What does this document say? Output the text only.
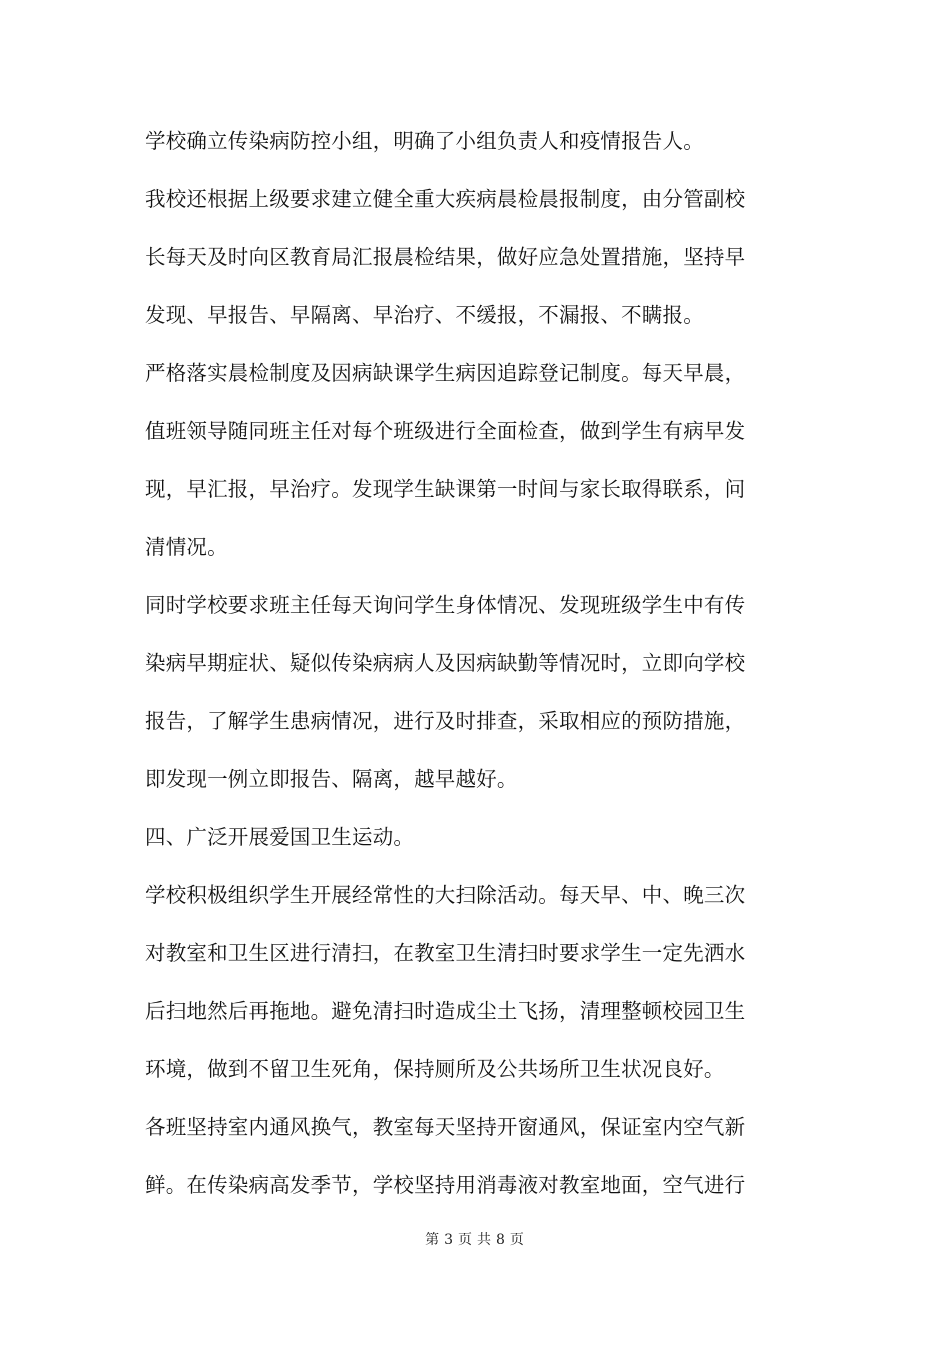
学校确立传染病防控小组，明确了小组负责人和疫情报告人。
我校还根据上级要求建立健全重大疾病晨检晨报制度，由分管副校
长每天及时向区教育局汇报晨检结果，做好应急处置措施，坚持早
发现、早报告、早隔离、早治疗、不缓报，不漏报、不瞒报。
严格落实晨检制度及因病缺课学生病因追踪登记制度。每天早晨，
值班领导随同班主任对每个班级进行全面检查，做到学生有病早发
现，早汇报，早治疗。发现学生缺课第一时间与家长取得联系，问
清情况。
同时学校要求班主任每天询问学生身体情况、发现班级学生中有传
染病早期症状、疑似传染病病人及因病缺勤等情况时，立即向学校
报告，了解学生患病情况，进行及时排查，采取相应的预防措施，
即发现一例立即报告、隔离，越早越好。
四、广泛开展爱国卫生运动。
学校积极组织学生开展经常性的大扫除活动。每天早、中、晚三次
对教室和卫生区进行清扫，在教室卫生清扫时要求学生一定先洒水
后扫地然后再拖地。避免清扫时造成尘土飞扬，清理整顿校园卫生
环境，做到不留卫生死角，保持厕所及公共场所卫生状况良好。
各班坚持室内通风换气，教室每天坚持开窗通风，保证室内空气新
鲜。在传染病高发季节，学校坚持用消毒液对教室地面，空气进行
第 3 页 共 8 页
